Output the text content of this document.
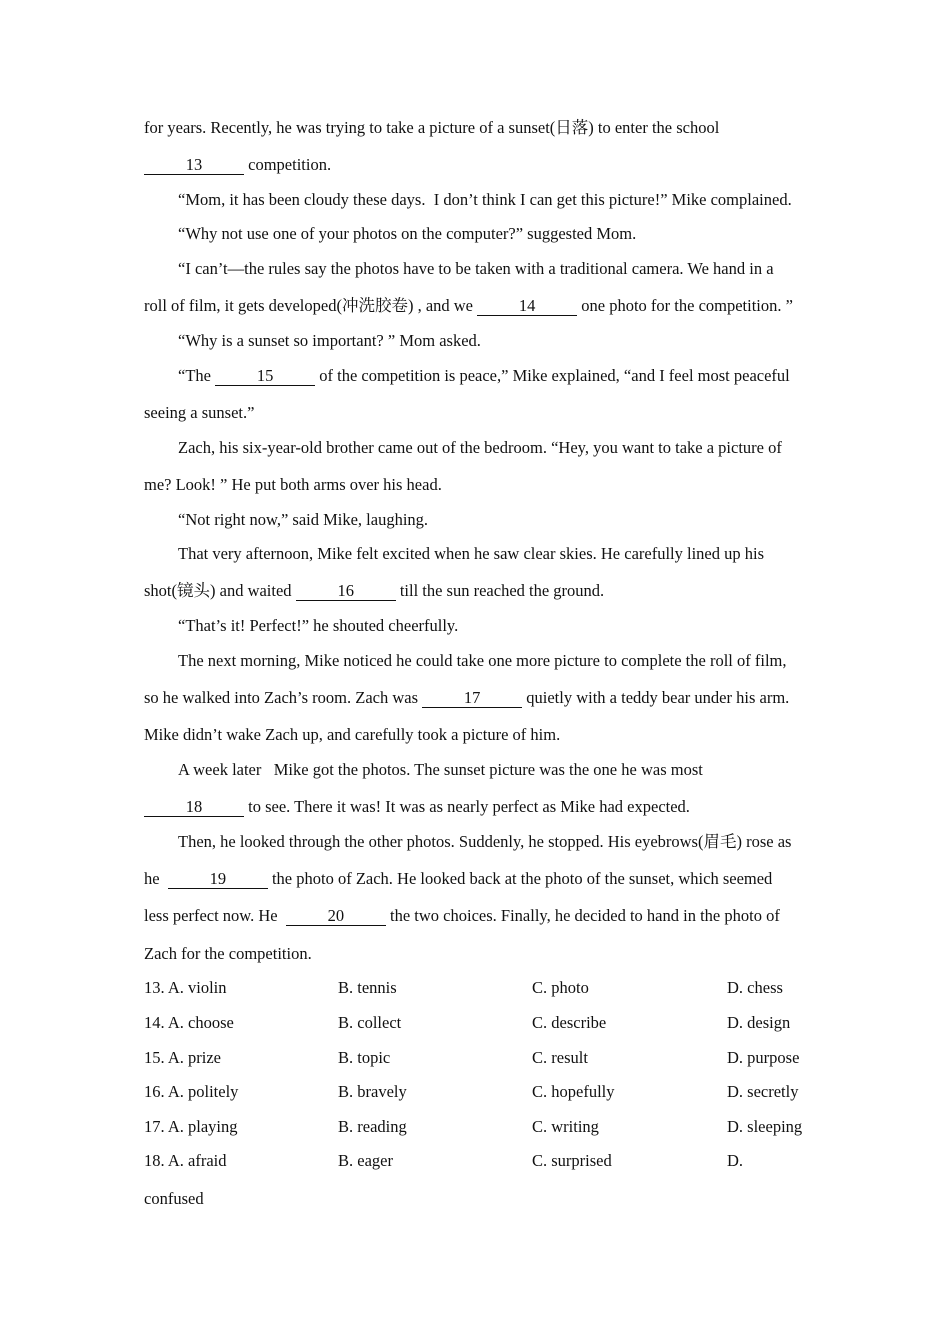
for years. Recently, he was trying to take a picture of a sunset(日落) to enter the school
13	competition.
“Mom, it has been cloudy these days.  I don’t think I can get this picture!” Mike complained.
“Why not use one of your photos on the computer?” suggested Mom.
“I can’t—the rules say the photos have to be taken with a traditional camera. We hand in a
roll of film, it gets developed(冲洗胶卷) , and we	14	one photo for the competition. ”
“Why is a sunset so important? ” Mom asked.
“The	15	of the competition is peace,” Mike explained, “and I feel most peaceful
seeing a sunset.”
Zach, his six-year-old brother came out of the bedroom. “Hey, you want to take a picture of
me? Look! ” He put both arms over his head.
“Not right now,” said Mike, laughing.
That very afternoon, Mike felt excited when he saw clear skies. He carefully lined up his
shot(镜头) and waited	16	till the sun reached the ground.
“That’s it! Perfect!” he shouted cheerfully.
The next morning, Mike noticed he could take one more picture to complete the roll of film,
so he walked into Zach’s room. Zach was	17	quietly with a teddy bear under his arm.
Mike didn’t wake Zach up, and carefully took a picture of him.
A week later   Mike got the photos. The sunset picture was the one he was most
18	to see. There it was! It was as nearly perfect as Mike had expected.
Then, he looked through the other photos. Suddenly, he stopped. His eyebrows(眉毛) rose as
he	19	the photo of Zach. He looked back at the photo of the sunset, which seemed
less perfect now. He	20	the two choices. Finally, he decided to hand in the photo of
Zach for the competition.
13. A. violin	B. tennis	C. photo	D. chess
14. A. choose	B. collect	C. describe	D. design
15. A. prize	B. topic	C. result	D. purpose
16. A. politely	B. bravely	C. hopefully	D. secretly
17. A. playing	B. reading	C. writing	D. sleeping
18. A. afraid	B. eager	C. surprised	D.
confused
